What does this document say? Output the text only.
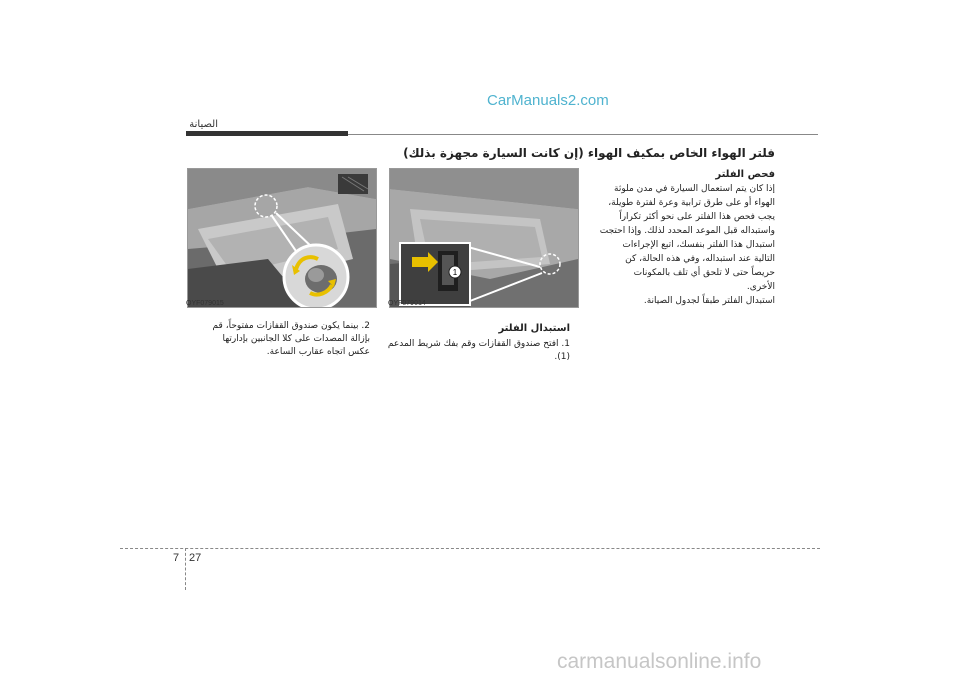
CarManuals2.com
الصيانة
فلتر الهواء الخاص بمكيف الهواء (إن كانت السيارة مجهزة بذلك)

فحص الفلتر

إذا كان يتم استعمال السيارة في مدن ملوثة

الهواء أو على طرق ترابية وعرة لفترة طويلة،

يجب فحص هذا الفلتر على نحو أكثر تكراراً

واستبداله قبل الموعد المحدد لذلك. وإذا احتجت

استبدال هذا الفلتر بنفسك، اتبع الإجراءات

التالية عند استبداله، وفي هذه الحالة، كن

حريصاً حتى لا تلحق أي تلف بالمكونات

الأخرى.

استبدال الفلتر طبقاً لجدول الصيانة.

OYF079015
1
OYF079014

2. بينما يكون صندوق القفازات مفتوحاً، قم

بإزالة المصدات على كلا الجانبين بإدارتها

عكس اتجاه عقارب الساعة.

استبدال الفلتر

1. افتح صندوق القفازات وقم بفك شريط المدعم

(1).

7 27
carmanualsonline.info
